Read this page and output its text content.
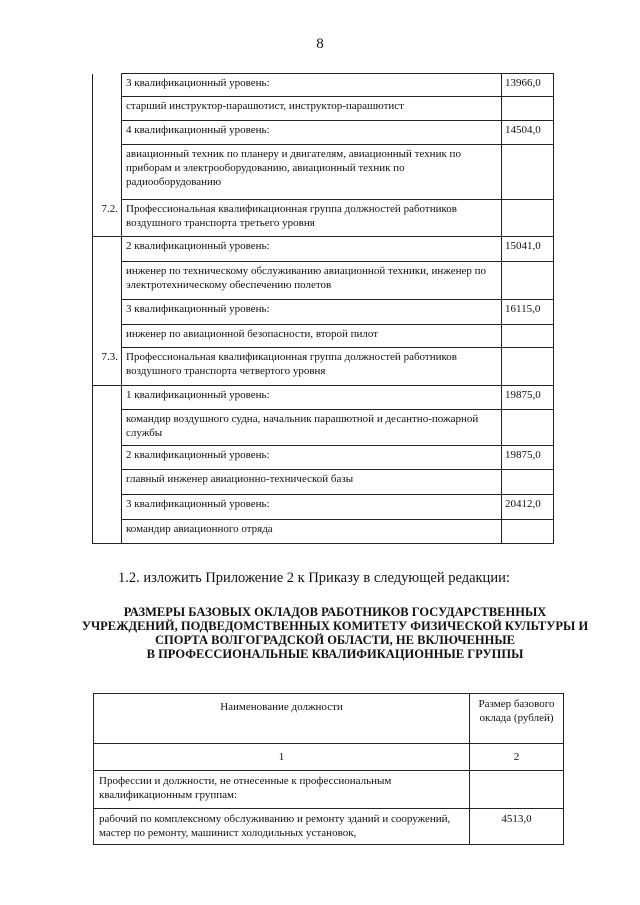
8
	3 квалификационный уровень:	13966,0
	старший инструктор-парашютист, инструктор-парашютист	
	4 квалификационный уровень:	14504,0
	авиационный техник по планеру и двигателям, авиационный техник по приборам и электрооборудованию, авиационный техник по радиооборудованию	
7.2.	Профессиональная квалификационная группа должностей работников воздушного транспорта третьего уровня	
	2 квалификационный уровень:	15041,0
	инженер по техническому обслуживанию авиационной техники, инженер по электротехническому обеспечению полетов	
	3 квалификационный уровень:	16115,0
	инженер по авиационной безопасности, второй пилот	
7.3.	Профессиональная квалификационная группа должностей работников воздушного транспорта четвертого уровня	
	1 квалификационный уровень:	19875,0
	командир воздушного судна, начальник парашютной и десантно-пожарной службы	
	2 квалификационный уровень:	19875,0
	главный инженер авиационно-технической базы	
	3 квалификационный уровень:	20412,0
	командир авиационного отряда	
1.2. изложить Приложение 2 к Приказу в следующей редакции:
РАЗМЕРЫ БАЗОВЫХ ОКЛАДОВ РАБОТНИКОВ ГОСУДАРСТВЕННЫХ
УЧРЕЖДЕНИЙ, ПОДВЕДОМСТВЕННЫХ КОМИТЕТУ ФИЗИЧЕСКОЙ КУЛЬТУРЫ И
СПОРТА ВОЛГОГРАДСКОЙ ОБЛАСТИ, НЕ ВКЛЮЧЕННЫЕ
В ПРОФЕССИОНАЛЬНЫЕ КВАЛИФИКАЦИОННЫЕ ГРУППЫ
Наименование должности	Размер базового оклада (рублей)
1	2
Профессии и должности, не отнесенные к профессиональным квалификационным группам:	
рабочий по комплексному обслуживанию и ремонту зданий и сооружений, мастер по ремонту, машинист холодильных установок,	4513,0
